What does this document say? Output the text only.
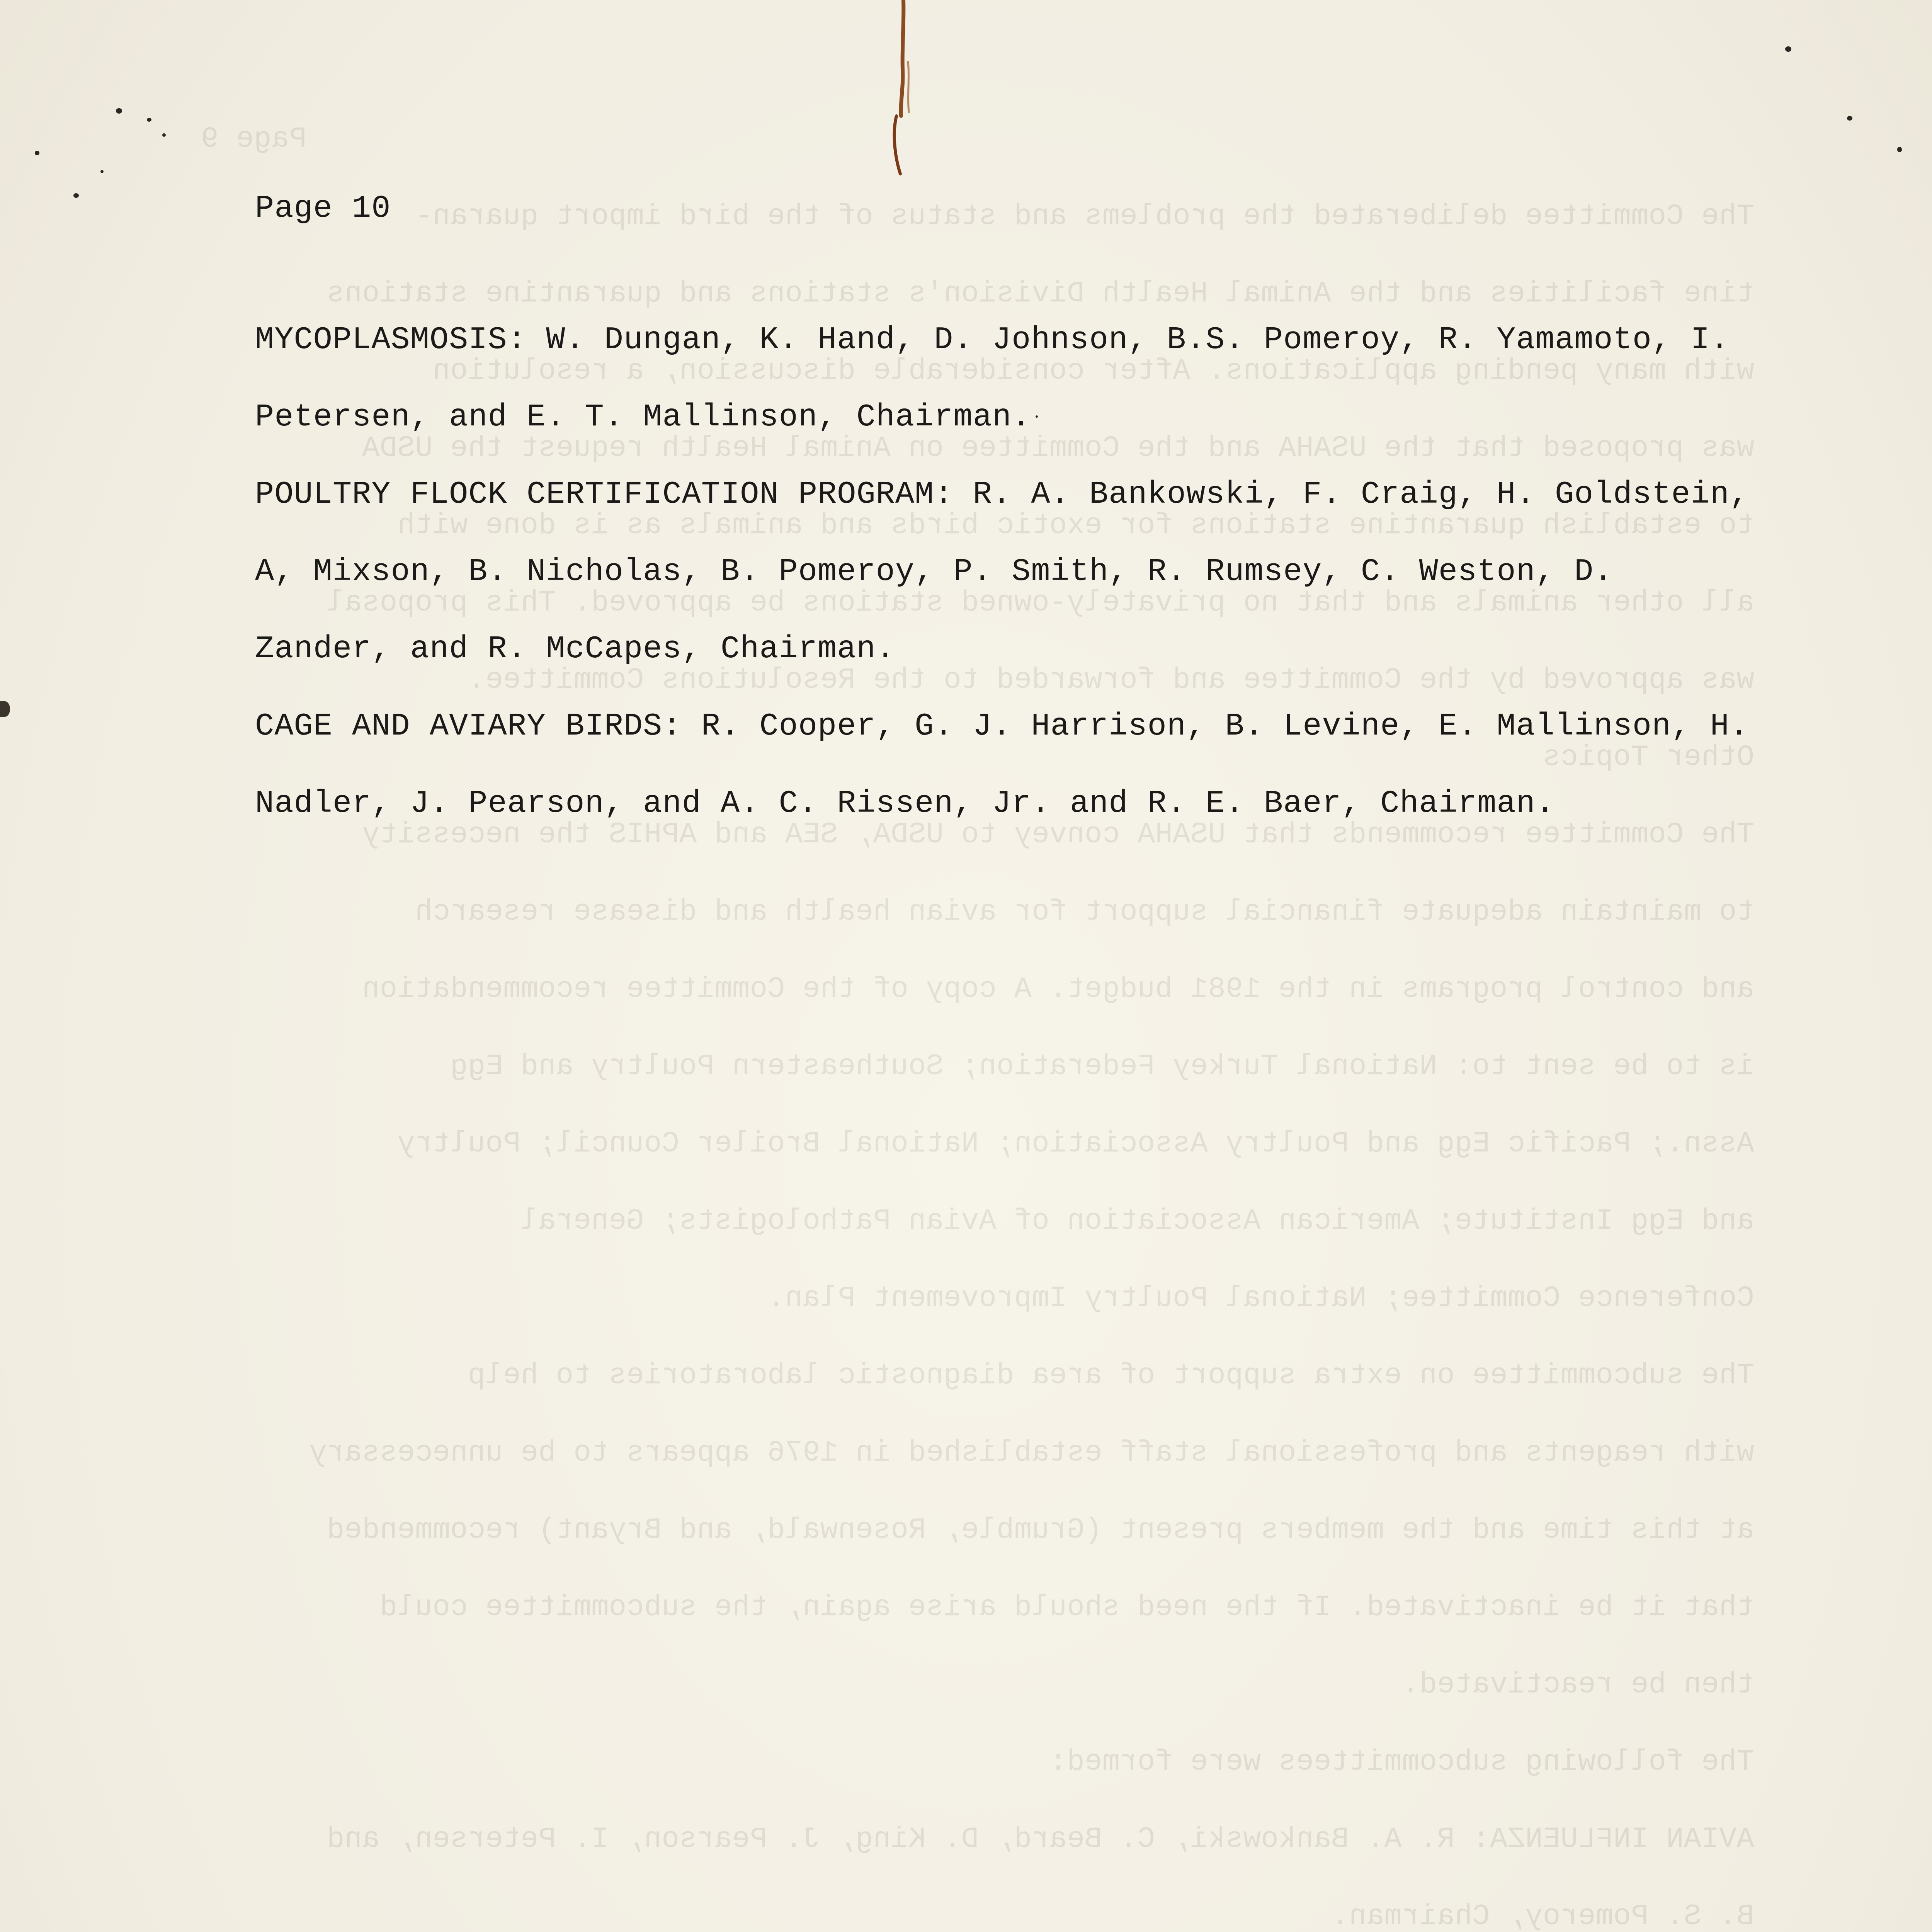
Page 9
The Committee deliberated the problems and status of the bird import quaran-
tine facilities and the Animal Health Division's stations and quarantine stations
with many pending applications. After considerable discussion, a resolution
was proposed that the USAHA and the Committee on Animal Health request the USDA
to establish quarantine stations for exotic birds and animals as is done with
all other animals and that no privately-owned stations be approved. This proposal
was approved by the Committee and forwarded to the Resolutions Committee.
Other Topics
The Committee recommends that USAHA convey to USDA, SEA and APHIS the necessity
to maintain adequate financial support for avian health and disease research
and control programs in the 1981 budget. A copy of the Committee recommendation
is to be sent to: National Turkey Federation; Southeastern Poultry and Egg
Assn.; Pacific Egg and Poultry Association; National Broiler Council; Poultry
and Egg Institute; American Association of Avian Pathologists; General
Conference Committee; National Poultry Improvement Plan.
The subcommittee on extra support of area diagnostic laboratories to help
with reagents and professional staff established in 1976 appears to be unnecessary
at this time and the members present (Grumble, Rosenwald, and Bryant) recommended
that it be inactivated. If the need should arise again, the subcommittee could
then be reactivated.
The following subcommittees were formed:
AVIAN INFLUENZA: R. A. Bankowski, C. Beard, D. King, J. Pearson, I. Petersen, and
B. S. Pomeroy, Chairman.
Page 10
MYCOPLASMOSIS: W. Dungan, K. Hand, D. Johnson, B.S. Pomeroy, R. Yamamoto, I. Petersen, and E. T. Mallinson, Chairman.
POULTRY FLOCK CERTIFICATION PROGRAM: R. A. Bankowski, F. Craig, H. Goldstein, A, Mixson, B. Nicholas, B. Pomeroy, P. Smith, R. Rumsey, C. Weston, D. Zander, and R. McCapes, Chairman.
CAGE AND AVIARY BIRDS: R. Cooper, G. J. Harrison, B. Levine, E. Mallinson, H. Nadler, J. Pearson, and A. C. Rissen, Jr. and R. E. Baer, Chairman.
